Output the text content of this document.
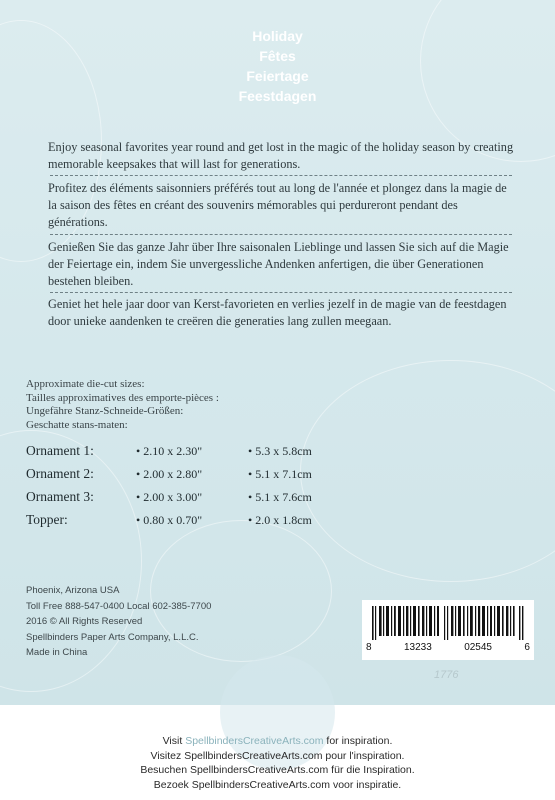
Holiday
Fêtes
Feiertage
Feestdagen
Enjoy seasonal favorites year round and get lost in the magic of the holiday season by creating memorable keepsakes that will last for generations.
Profitez des éléments saisonniers préférés tout au long de l'année et plongez dans la magie de la saison des fêtes en créant des souvenirs mémorables qui perdureront pendant des générations.
Genießen Sie das ganze Jahr über Ihre saisonalen Lieblinge und lassen Sie sich auf die Magie der Feiertage ein, indem Sie unvergessliche Andenken anfertigen, die über Generationen bestehen bleiben.
Geniet het hele jaar door van Kerst-favorieten en verlies jezelf in de magie van de feestdagen door unieke aandenken te creëren die generaties lang zullen meegaan.
Approximate die-cut sizes:
Tailles approximatives des emporte-pièces :
Ungefähre Stanz-Schneide-Größen:
Geschatte stans-maten:
Ornament 1:	• 2.10 x 2.30"	• 5.3 x 5.8cm
Ornament 2:	• 2.00 x 2.80"	• 5.1 x 7.1cm
Ornament 3:	• 2.00 x 3.00"	• 5.1 x 7.6cm
Topper:	• 0.80 x 0.70"	• 2.0 x 1.8cm
Phoenix, Arizona USA
Toll Free 888-547-0400 Local 602-385-7700
2016 © All Rights Reserved
Spellbinders Paper Arts Company, L.L.C.
Made in China	8	13233	02545	6
1776
Visit SpellbindersCreativeArts.com for inspiration.
Visitez SpellbindersCreativeArts.com pour l'inspiration.
Besuchen SpellbindersCreativeArts.com für die Inspiration.
Bezoek SpellbindersCreativeArts.com voor inspiratie.
